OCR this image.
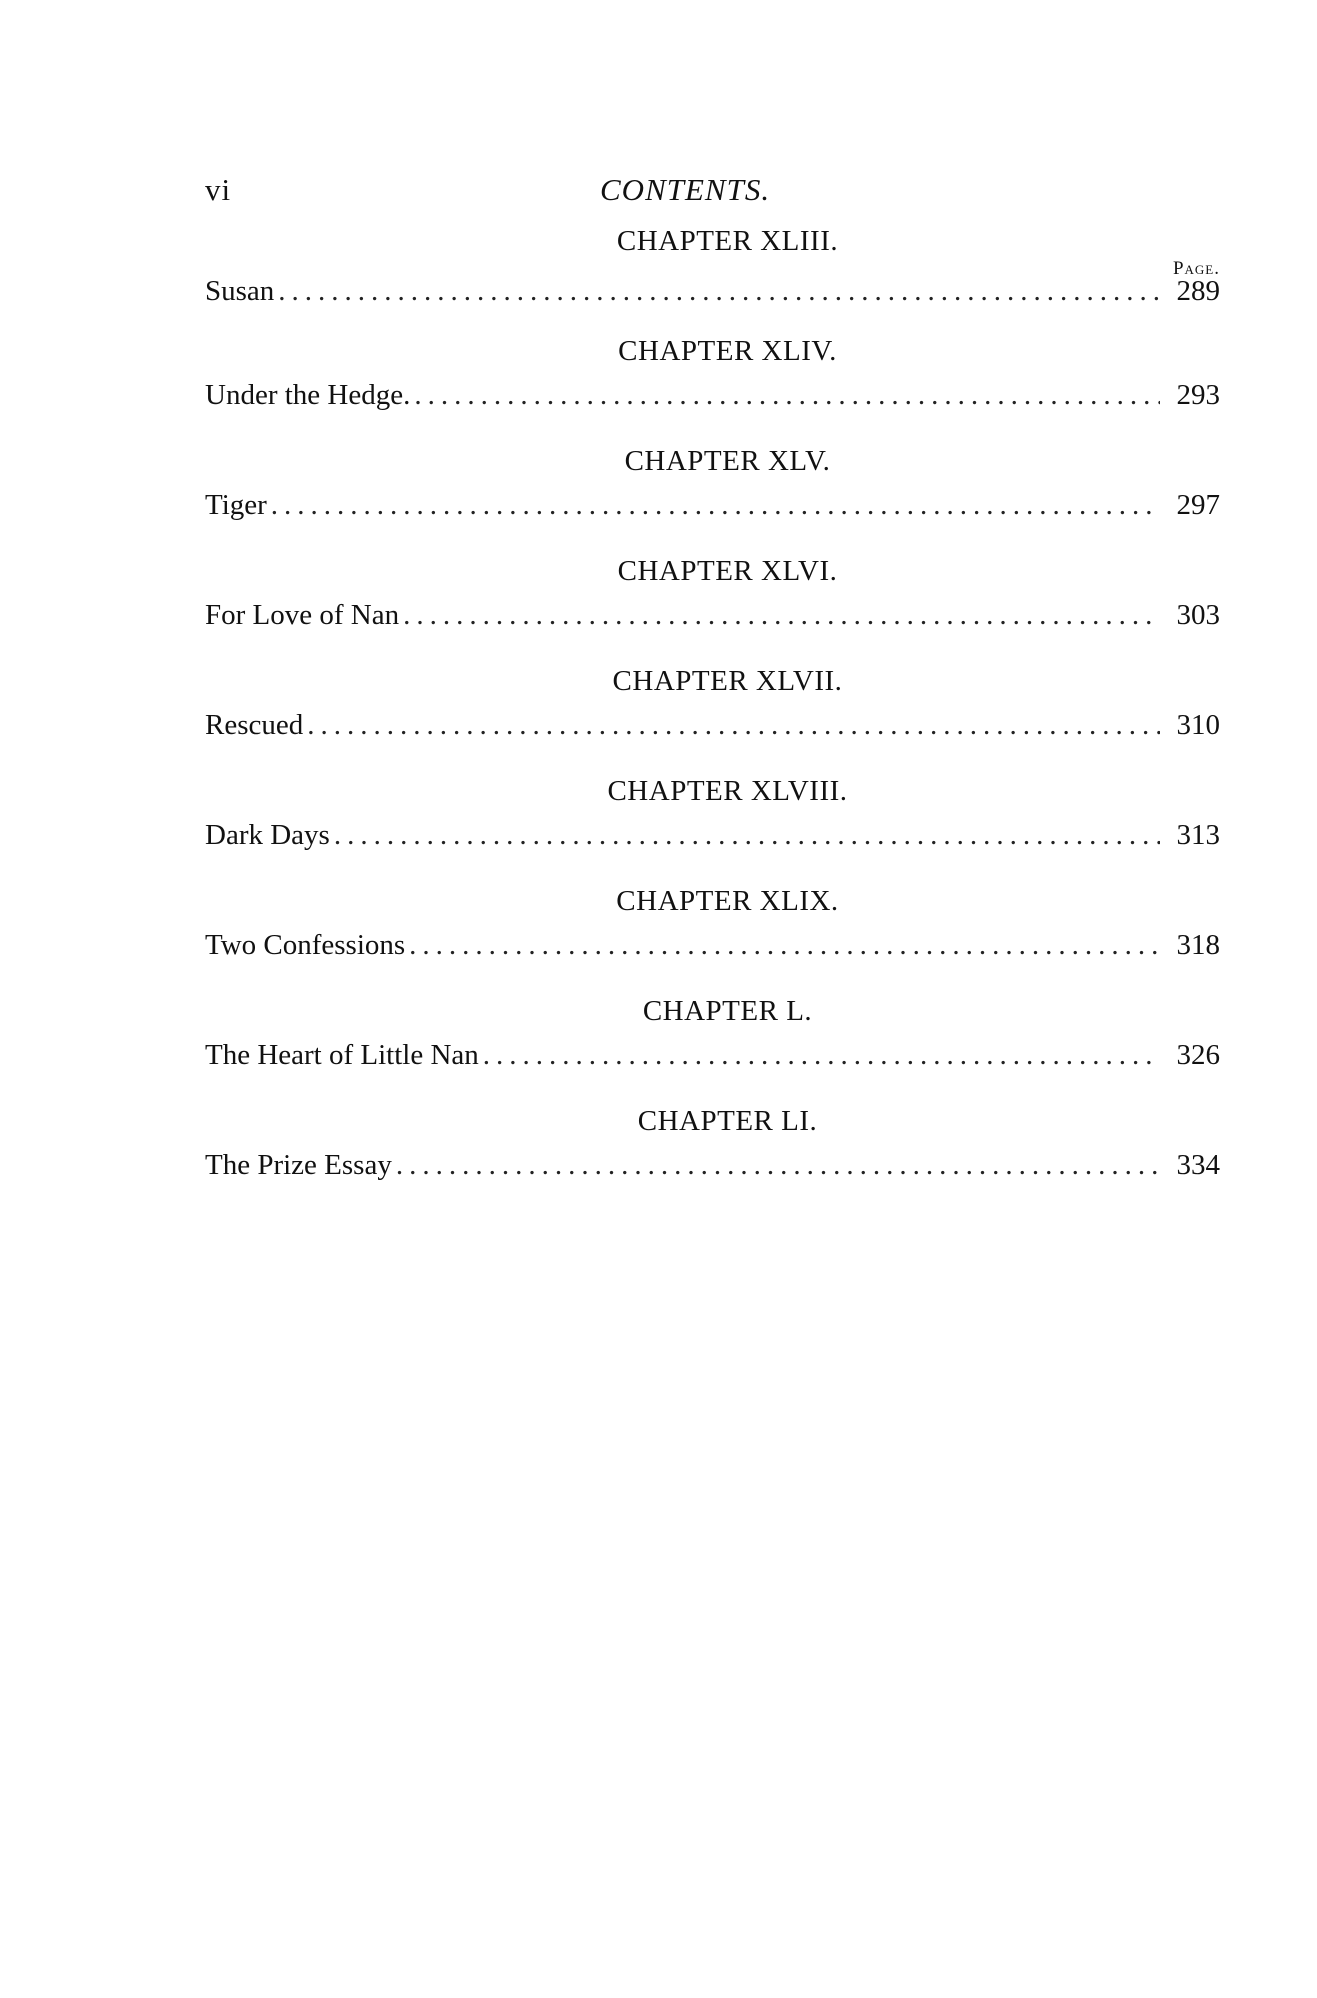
vi	CONTENTS.
CHAPTER XLIII.
Page.
Susan .....	289
CHAPTER XLIV.
Under the Hedge. .....	293
CHAPTER XLV.
Tiger .....	297
CHAPTER XLVI.
For Love of Nan .....	303
CHAPTER XLVII.
Rescued .....	310
CHAPTER XLVIII.
Dark Days .....	313
CHAPTER XLIX.
Two Confessions .....	318
CHAPTER L.
The Heart of Little Nan .....	326
CHAPTER LI.
The Prize Essay .....	334
